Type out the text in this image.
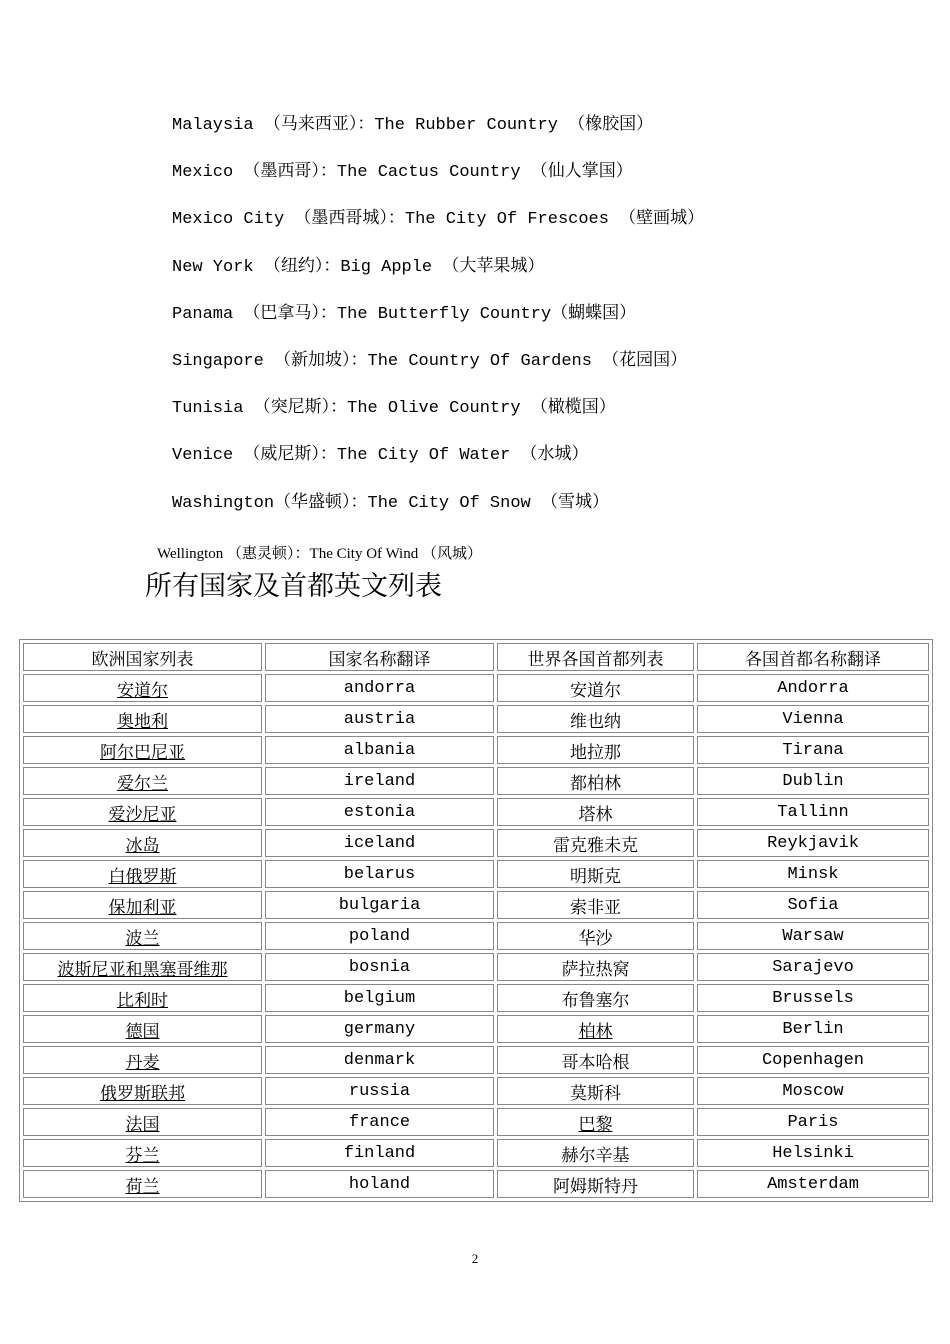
Malaysia （马来西亚）：The Rubber Country （橡胶国）
Mexico （墨西哥）：The Cactus Country （仙人掌国）
Mexico City （墨西哥城）：The City Of Frescoes （壁画城）
New York （纽约）：Big Apple （大苹果城）
Panama （巴拿马）：The Butterfly Country（蝴蝶国）
Singapore （新加坡）：The Country Of Gardens （花园国）
Tunisia （突尼斯）：The Olive Country （橄榄国）
Venice （威尼斯）：The City Of Water （水城）
Washington（华盛顿）：The City Of Snow （雪城）
Wellington （惠灵顿）：The City Of Wind （风城）
所有国家及首都英文列表
欧洲国家列表	国家名称翻译	世界各国首都列表	各国首都名称翻译
安道尔	andorra	安道尔	Andorra
奥地利	austria	维也纳	Vienna
阿尔巴尼亚	albania	地拉那	Tirana
爱尔兰	ireland	都柏林	Dublin
爱沙尼亚	estonia	塔林	Tallinn
冰岛	iceland	雷克雅未克	Reykjavik
白俄罗斯	belarus	明斯克	Minsk
保加利亚	bulgaria	索非亚	Sofia
波兰	poland	华沙	Warsaw
波斯尼亚和黑塞哥维那	bosnia	萨拉热窝	Sarajevo
比利时	belgium	布鲁塞尔	Brussels
德国	germany	柏林	Berlin
丹麦	denmark	哥本哈根	Copenhagen
俄罗斯联邦	russia	莫斯科	Moscow
法国	france	巴黎	Paris
芬兰	finland	赫尔辛基	Helsinki
荷兰	holand	阿姆斯特丹	Amsterdam
2
